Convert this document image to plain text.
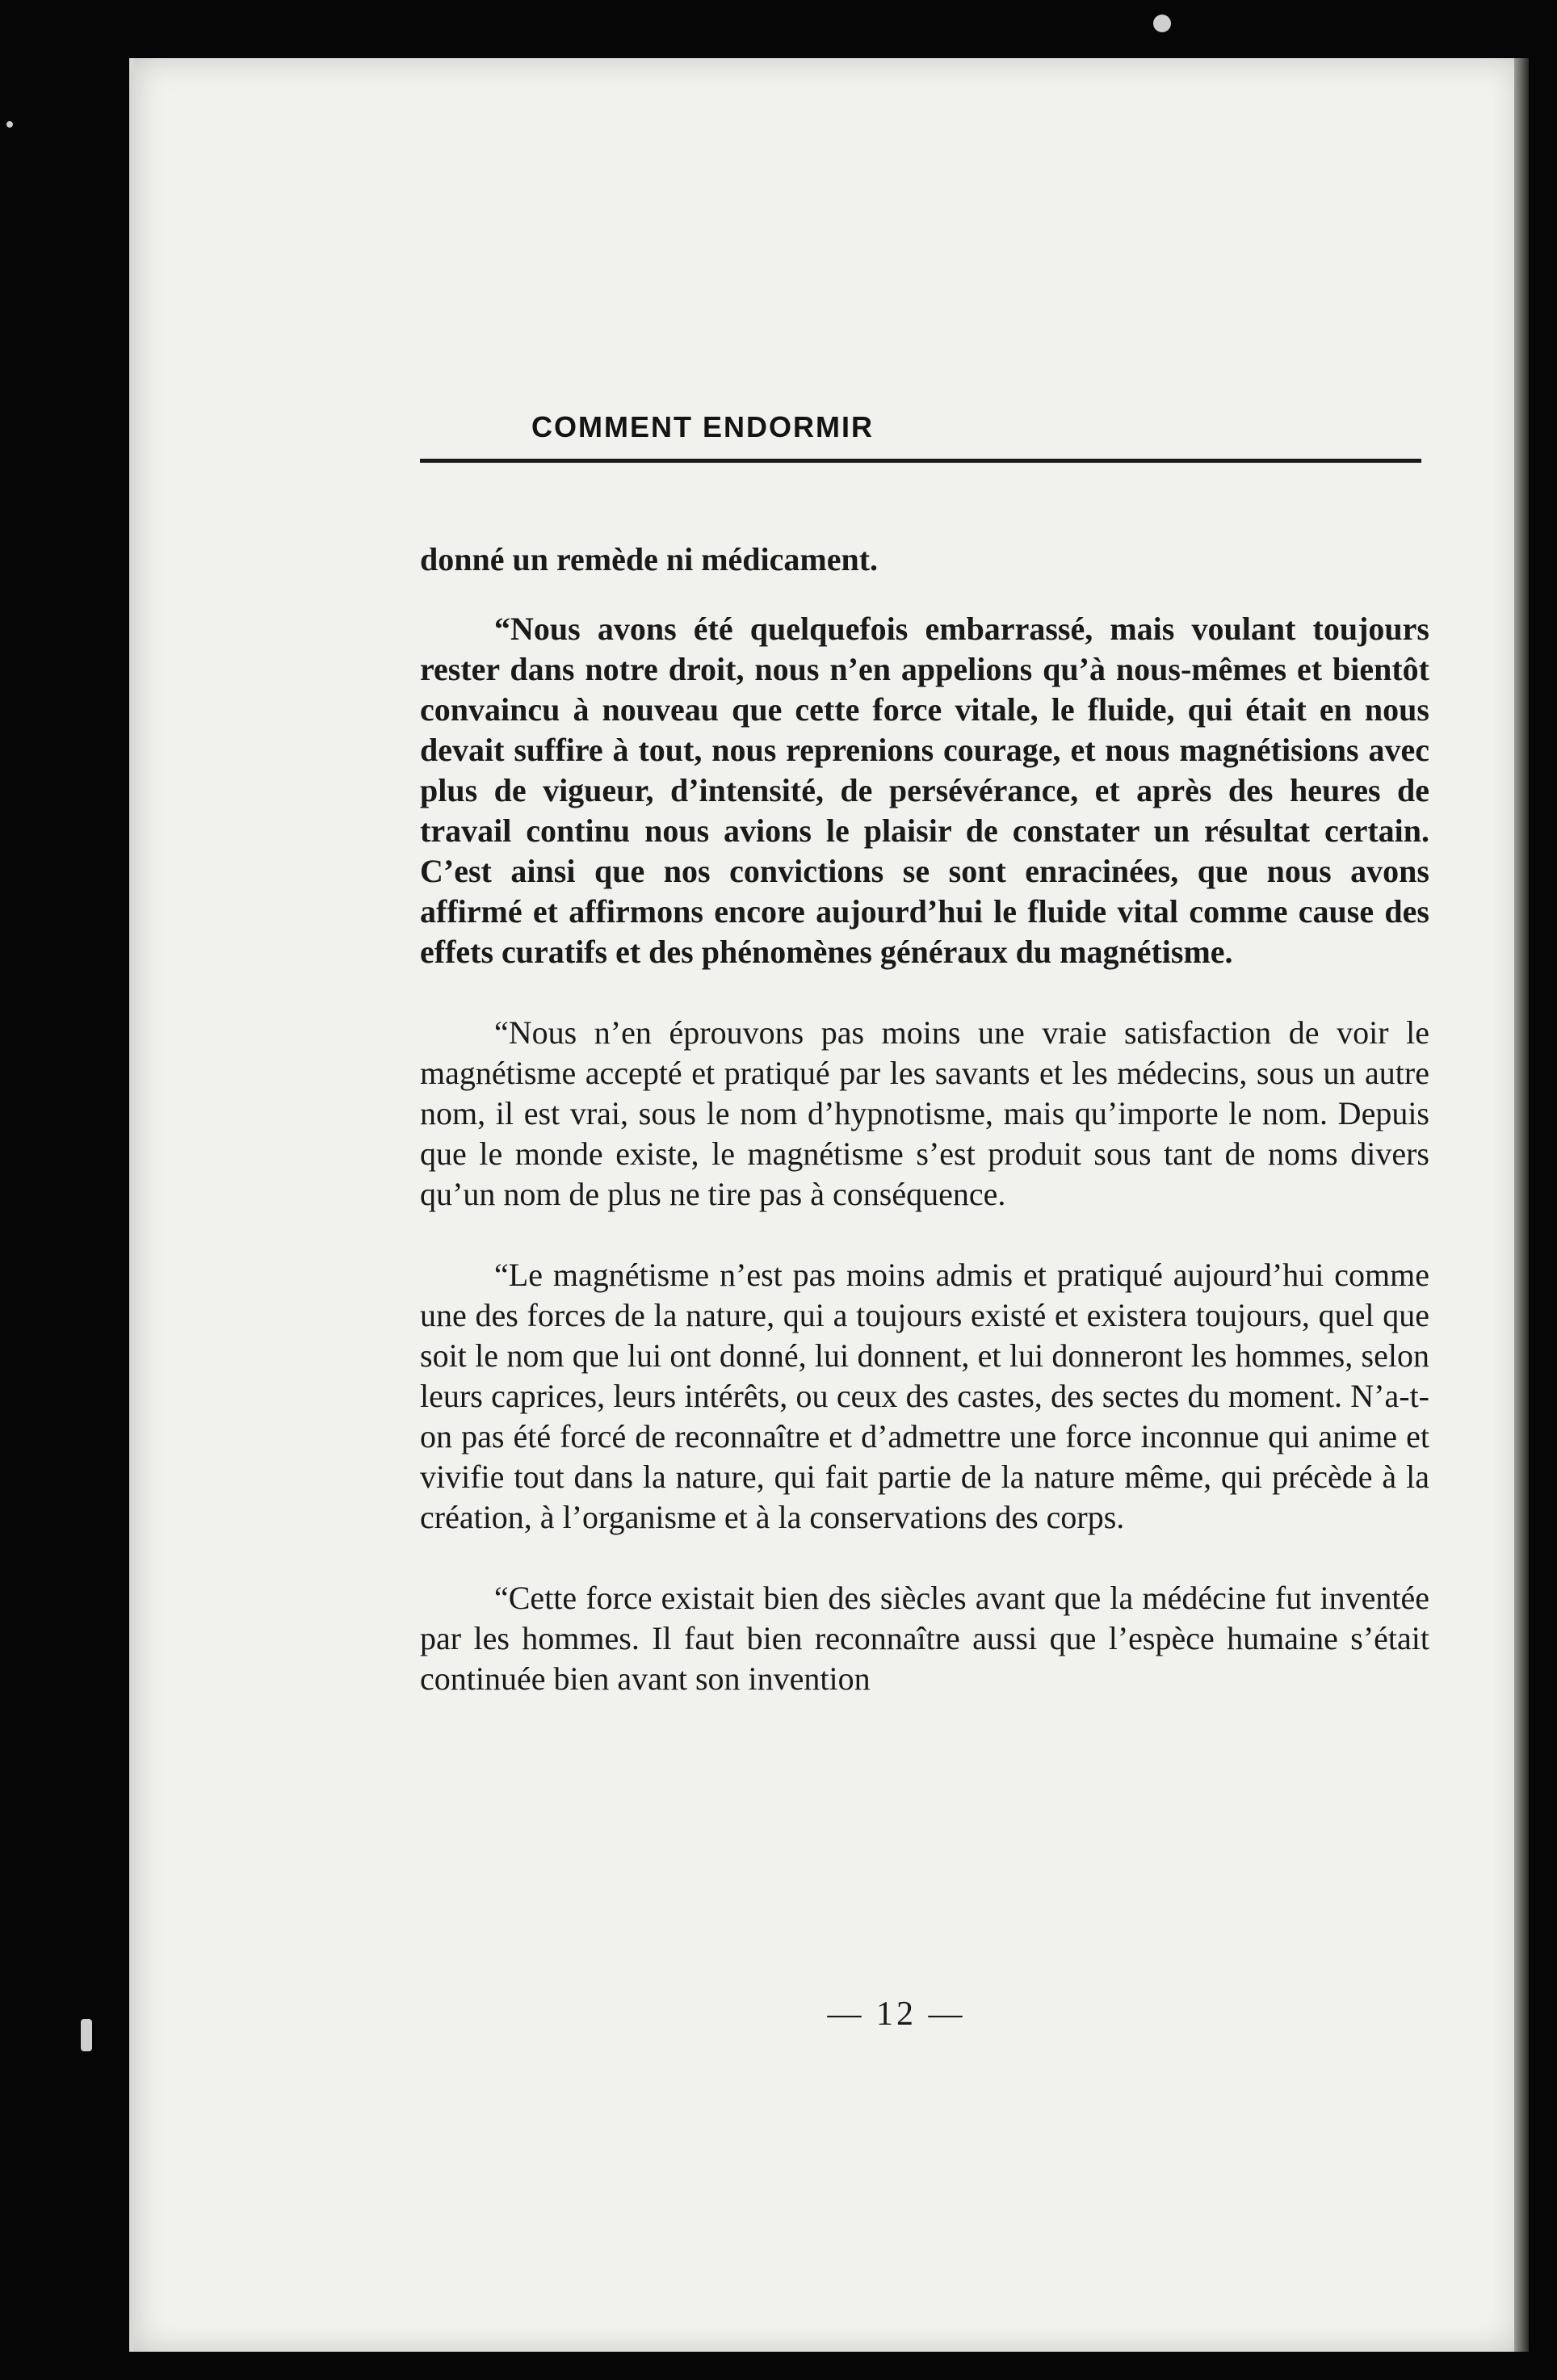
COMMENT ENDORMIR

donné un remède ni médicament.

“Nous avons été quelquefois embarrassé, mais voulant toujours rester dans notre droit, nous n’en appelions qu’à nous-mêmes et bientôt convaincu à nouveau que cette force vitale, le fluide, qui était en nous devait suffire à tout, nous reprenions courage, et nous magnétisions avec plus de vigueur, d’intensité, de persévérance, et après des heures de travail continu nous avions le plaisir de constater un résultat certain. C’est ainsi que nos convictions se sont enracinées, que nous avons affirmé et affirmons encore aujourd’hui le fluide vital comme cause des effets curatifs et des phénomènes généraux du magnétisme.

“Nous n’en éprouvons pas moins une vraie satisfaction de voir le magnétisme accepté et pratiqué par les savants et les médecins, sous un autre nom, il est vrai, sous le nom d’hypnotisme, mais qu’importe le nom. Depuis que le monde existe, le magnétisme s’est produit sous tant de noms divers qu’un nom de plus ne tire pas à conséquence.

“Le magnétisme n’est pas moins admis et pratiqué aujourd’hui comme une des forces de la nature, qui a toujours existé et existera toujours, quel que soit le nom que lui ont donné, lui donnent, et lui donneront les hommes, selon leurs caprices, leurs intérêts, ou ceux des castes, des sectes du moment. N’a-t-on pas été forcé de reconnaître et d’admettre une force inconnue qui anime et vivifie tout dans la nature, qui fait partie de la nature même, qui précède à la création, à l’organisme et à la conservations des corps.

“Cette force existait bien des siècles avant que la médécine fut inventée par les hommes. Il faut bien reconnaître aussi que l’espèce humaine s’était continuée bien avant son invention

— 12 —
